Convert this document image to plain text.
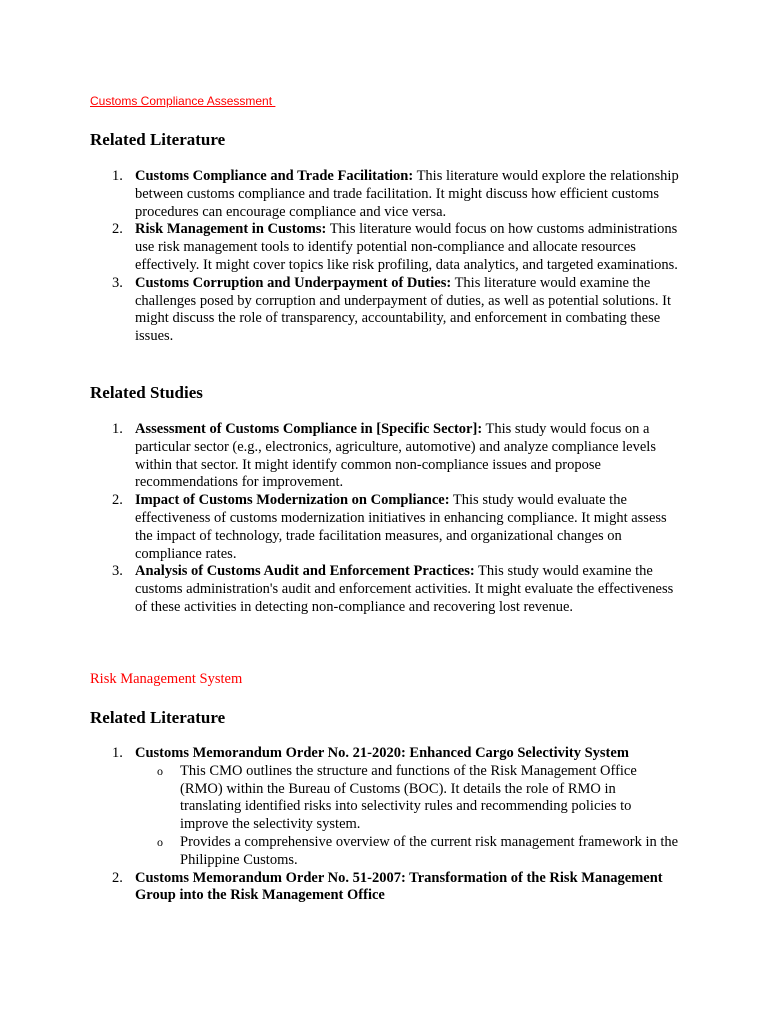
Customs Compliance Assessment
Related Literature
1. Customs Compliance and Trade Facilitation: This literature would explore the relationship between customs compliance and trade facilitation. It might discuss how efficient customs procedures can encourage compliance and vice versa.
2. Risk Management in Customs: This literature would focus on how customs administrations use risk management tools to identify potential non-compliance and allocate resources effectively. It might cover topics like risk profiling, data analytics, and targeted examinations.
3. Customs Corruption and Underpayment of Duties: This literature would examine the challenges posed by corruption and underpayment of duties, as well as potential solutions. It might discuss the role of transparency, accountability, and enforcement in combating these issues.
Related Studies
1. Assessment of Customs Compliance in [Specific Sector]: This study would focus on a particular sector (e.g., electronics, agriculture, automotive) and analyze compliance levels within that sector. It might identify common non-compliance issues and propose recommendations for improvement.
2. Impact of Customs Modernization on Compliance: This study would evaluate the effectiveness of customs modernization initiatives in enhancing compliance. It might assess the impact of technology, trade facilitation measures, and organizational changes on compliance rates.
3. Analysis of Customs Audit and Enforcement Practices: This study would examine the customs administration's audit and enforcement activities. It might evaluate the effectiveness of these activities in detecting non-compliance and recovering lost revenue.
Risk Management System
Related Literature
1. Customs Memorandum Order No. 21-2020: Enhanced Cargo Selectivity System
o This CMO outlines the structure and functions of the Risk Management Office (RMO) within the Bureau of Customs (BOC). It details the role of RMO in translating identified risks into selectivity rules and recommending policies to improve the selectivity system.
o Provides a comprehensive overview of the current risk management framework in the Philippine Customs.
2. Customs Memorandum Order No. 51-2007: Transformation of the Risk Management Group into the Risk Management Office
